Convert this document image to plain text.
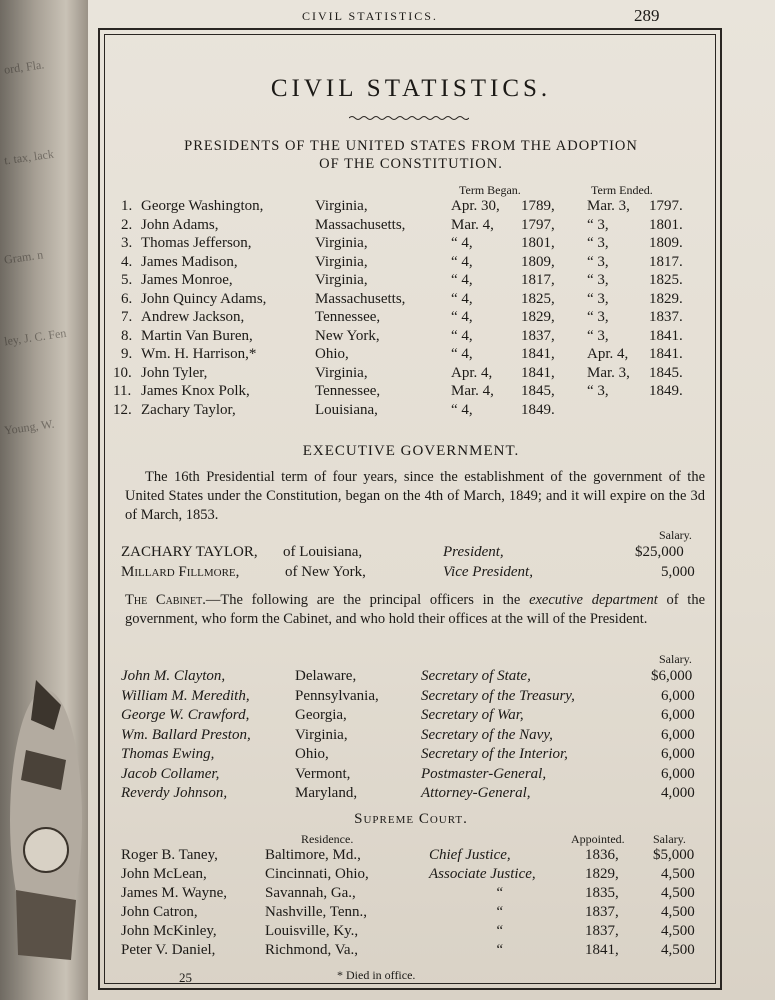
ord, Fla.
t. tax, lack
Gram. n
ley, J. C. Fen
Young, W.
CIVIL STATISTICS.	289
CIVIL STATISTICS.
PRESIDENTS OF THE UNITED STATES FROM THE ADOPTION
OF THE CONSTITUTION.
Term Began.	Term Ended.
1. George Washington,	Virginia,	Apr. 30, 1789, Mar. 3, 1797.
2. John Adams,	Massachusetts,	Mar. 4, 1797, “ 3,	1801.
3. Thomas Jefferson,	Virginia,	“ 4,	1801, “ 3,	1809.
4. James Madison,	Virginia,	“ 4,	1809, “ 3,	1817.
5. James Monroe,	Virginia,	“ 4,	1817, “ 3,	1825.
6. John Quincy Adams,	Massachusetts,	“ 4,	1825, “ 3,	1829.
7. Andrew Jackson,	Tennessee,	“ 4,	1829, “ 3,	1837.
8. Martin Van Buren,	New York,	“ 4,	1837, “ 3,	1841.
9. Wm. H. Harrison,*	Ohio,	“ 4,	1841, Apr. 4, 1841.
10. John Tyler,	Virginia,	Apr. 4, 1841, Mar. 3, 1845.
11. James Knox Polk,	Tennessee,	Mar. 4, 1845, “ 3,	1849.
12. Zachary Taylor,	Louisiana,	“ 4,	1849.
EXECUTIVE GOVERNMENT.
The 16th Presidential term of four years, since the establishment of the government of the United States under the Constitution, began on the 4th of March, 1849; and it will expire on the 3d of March, 1853.
Salary.
ZACHARY TAYLOR, of Louisiana,	President,	$25,000
Millard Fillmore,	of New York,	Vice President,	5,000
The Cabinet.—The following are the principal officers in the executive department of the government, who form the Cabinet, and who hold their offices at the will of the President.
Salary.
John M. Clayton,	Delaware,	Secretary of State,	$6,000
William M. Meredith,	Pennsylvania,	Secretary of the Treasury,	6,000
George W. Crawford,	Georgia,	Secretary of War,	6,000
Wm. Ballard Preston,	Virginia,	Secretary of the Navy,	6,000
Thomas Ewing,	Ohio,	Secretary of the Interior,	6,000
Jacob Collamer,	Vermont,	Postmaster-General,	6,000
Reverdy Johnson,	Maryland,	Attorney-General,	4,000
Supreme Court.
Residence.	Appointed. Salary.
Roger B. Taney,	Baltimore, Md.,	Chief Justice,	1836, $5,000
John McLean,	Cincinnati, Ohio,	Associate Justice,	1829,	4,500
James M. Wayne,	Savannah, Ga.,	“	1835,	4,500
John Catron,	Nashville, Tenn.,	“	1837,	4,500
John McKinley,	Louisville, Ky.,	“	1837,	4,500
Peter V. Daniel,	Richmond, Va.,	“	1841,	4,500
25	* Died in office.
